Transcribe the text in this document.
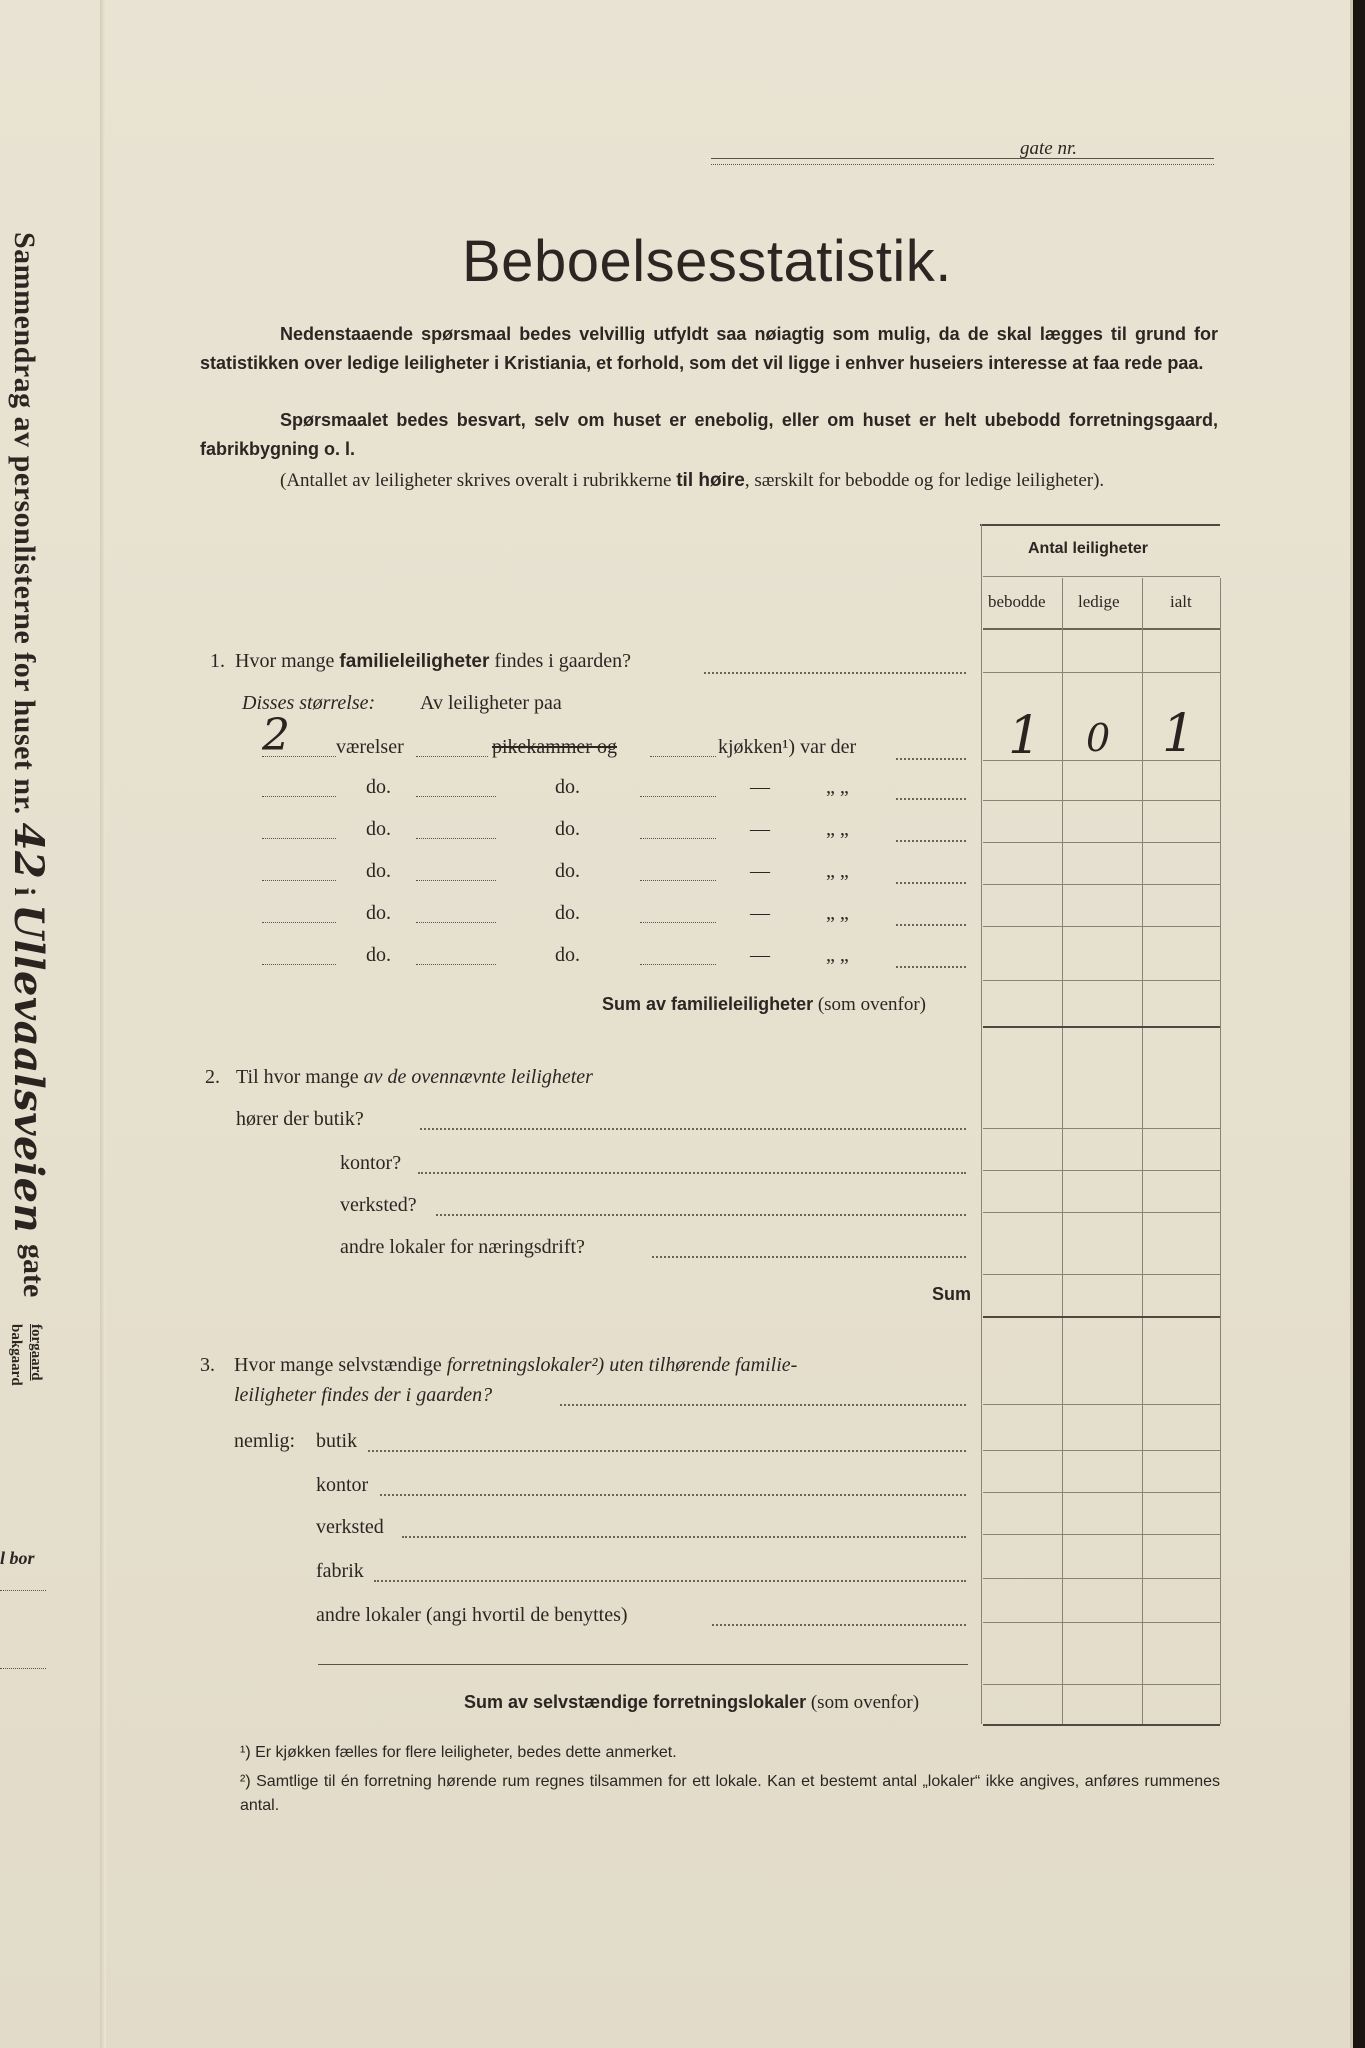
Sammendrag av personlisterne for huset nr. 42 i Ullevaalsveien
gate
forgaard
bakgaard
l bor
gate nr.
Beboelsesstatistik.
Nedenstaaende spørsmaal bedes velvillig utfyldt saa nøiagtig som mulig, da de skal lægges til grund for statistikken over ledige leiligheter i Kristiania, et forhold, som det vil ligge i enhver huseiers interesse at faa rede paa.
Spørsmaalet bedes besvart, selv om huset er enebolig, eller om huset er helt ubebodd forretningsgaard, fabrikbygning o. l.
(Antallet av leiligheter skrives overalt i rubrikkerne til høire, særskilt for bebodde og for ledige leiligheter).
Antal leiligheter
bebodde ledige	ialt
1. Hvor mange familieleiligheter findes i gaarden?
Disses størrelse: Av leiligheter paa
2 værelser	pikekammer og	kjøkken¹) var der	1 0 1
do.	do.	—	„ „
do.	do.	—	„ „
do.	do.	—	„ „
do.	do.	—	„ „
do.	do.	—	„ „
Sum av familieleiligheter (som ovenfor)
2. Til hvor mange av de ovennævnte leiligheter
hører der butik?
kontor?
verksted?
andre lokaler for næringsdrift?
Sum
3. Hvor mange selvstændige forretningslokaler²) uten tilhørende familie-
leiligheter findes der i gaarden?
nemlig: butik
kontor
verksted
fabrik
andre lokaler (angi hvortil de benyttes)
Sum av selvstændige forretningslokaler (som ovenfor)
¹) Er kjøkken fælles for flere leiligheter, bedes dette anmerket.
²) Samtlige til én forretning hørende rum regnes tilsammen for ett lokale. Kan et bestemt antal „lokaler“ ikke angives, anføres rummenes antal.
